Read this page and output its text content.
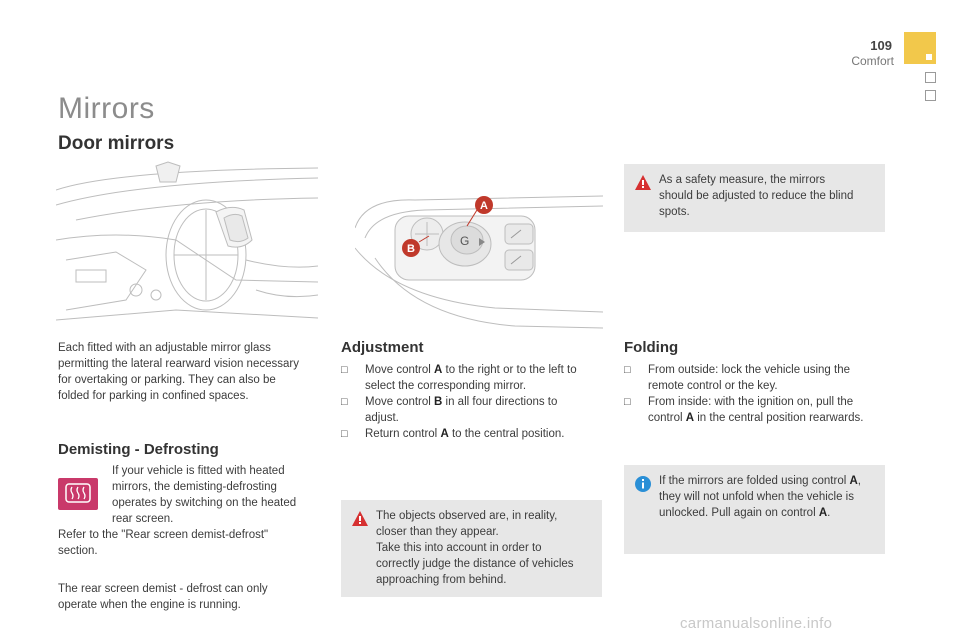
109
Comfort
Mirrors
Door mirrors
G
A
B
Each fitted with an adjustable mirror glass
permitting the lateral rearward vision necessary
for overtaking or parking. They can also be
folded for parking in confined spaces.
Demisting - Defrosting
If your vehicle is fitted with heated
mirrors, the demisting-defrosting
operates by switching on the heated
rear screen.
Refer to the "Rear screen demist-defrost"
section.
The rear screen demist - defrost can only
operate when the engine is running.
Adjustment
□	Move control A to the right or to the left to
select the corresponding mirror.
□	Move control B in all four directions to
adjust.
□	Return control A to the central position.
The objects observed are, in reality,
closer than they appear.
Take this into account in order to
correctly judge the distance of vehicles
approaching from behind.
As a safety measure, the mirrors
should be adjusted to reduce the blind
spots.
Folding
□	From outside: lock the vehicle using the
remote control or the key.
□	From inside: with the ignition on, pull the
control A in the central position rearwards.
If the mirrors are folded using control A,
they will not unfold when the vehicle is
unlocked. Pull again on control A.
carmanualsonline.info
